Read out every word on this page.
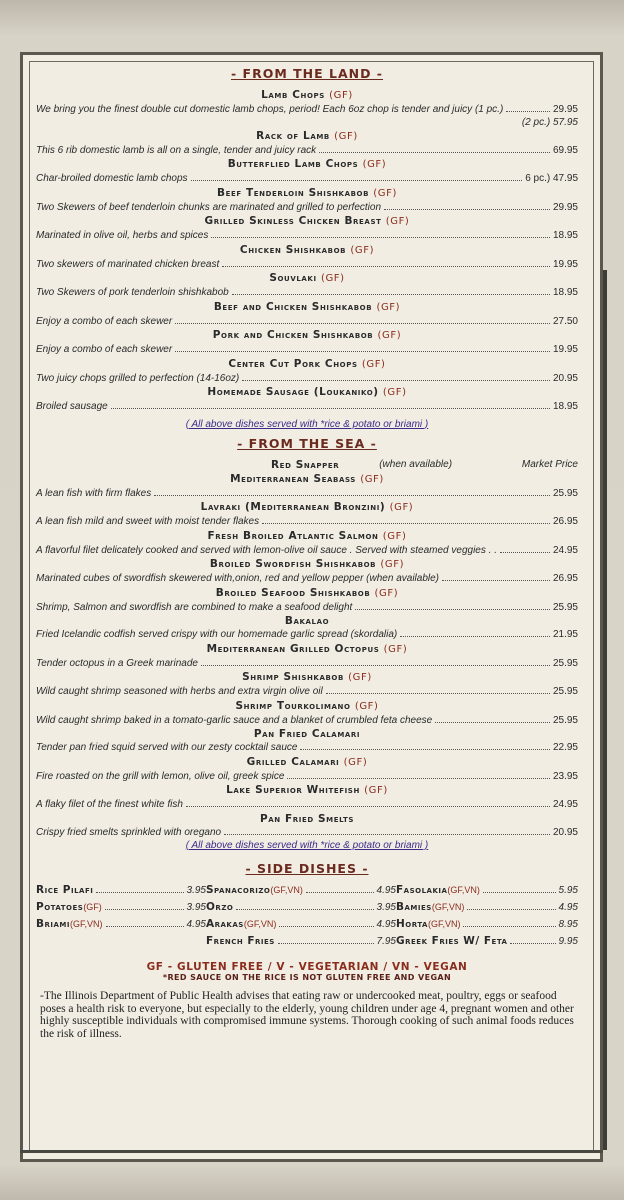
- FROM THE LAND -
Lamb Chops (GF)
We bring you the finest double cut domestic lamb chops, period! Each 6oz chop is tender and juicy (1 pc.)	29.95
(2 pc.) 57.95
Rack of Lamb (GF)
This 6 rib domestic lamb is all on a single, tender and juicy rack	69.95
Butterflied Lamb Chops (GF)
Char-broiled domestic lamb chops	6 pc.) 47.95
Beef Tenderloin Shishkabob (GF)
Two Skewers of beef tenderloin chunks are marinated and grilled to perfection	29.95
Grilled Skinless Chicken Breast (GF)
Marinated in olive oil, herbs and spices	18.95
Chicken Shishkabob (GF)
Two skewers of marinated chicken breast	19.95
Souvlaki (GF)
Two Skewers of pork tenderloin shishkabob	18.95
Beef and Chicken Shishkabob (GF)
Enjoy a combo of each skewer	27.50
Pork and Chicken Shishkabob (GF)
Enjoy a combo of each skewer	19.95
Center Cut Pork Chops (GF)
Two juicy chops grilled to perfection (14-16oz)	20.95
Homemade Sausage (Loukaniko) (GF)
Broiled sausage	18.95
( All above dishes served with *rice & potato or briami )
- FROM THE SEA -
Red Snapper	(when available)	Market Price
Mediterranean Seabass (GF)
A lean fish with firm flakes	25.95
Lavraki (Mediterranean Bronzini) (GF)
A lean fish mild and sweet with moist tender flakes	26.95
Fresh Broiled Atlantic Salmon (GF)
A flavorful filet delicately cooked and served with lemon-olive oil sauce . Served with steamed veggies . .	24.95
Broiled Swordfish Shishkabob (GF)
Marinated cubes of swordfish skewered with,onion, red and yellow pepper (when available)	26.95
Broiled Seafood Shishkabob (GF)
Shrimp, Salmon and swordfish are combined to make a seafood delight	25.95
Bakalao
Fried Icelandic codfish served crispy with our homemade garlic spread (skordalia)	21.95
Mediterranean Grilled Octopus (GF)
Tender octopus in a Greek marinade	25.95
Shrimp Shishkabob (GF)
Wild caught shrimp seasoned with herbs and extra virgin olive oil	25.95
Shrimp Tourkolimano (GF)
Wild caught shrimp baked in a tomato-garlic sauce and a blanket of crumbled feta cheese	25.95
Pan Fried Calamari
Tender pan fried squid served with our zesty cocktail sauce	22.95
Grilled Calamari (GF)
Fire roasted on the grill with lemon, olive oil, greek spice	23.95
Lake Superior Whitefish (GF)
A flaky filet of the finest white fish	24.95
Pan Fried Smelts
Crispy fried smelts sprinkled with oregano	20.95
( All above dishes served with *rice & potato or briami )
- SIDE DISHES -
Rice Pilafi	3.95 Spanacorizo (GF,VN)	4.95 Fasolakia (GF,VN)	5.95
Potatoes (GF)	3.95 Orzo	3.95 Bamies (GF,VN)	4.95
Briami (GF,VN)	4.95 Arakas (GF,VN)	4.95 Horta (GF,VN)	8.95
French Fries	7.95 Greek Fries W/ Feta	9.95
GF - GLUTEN FREE / V - VEGETARIAN / VN - VEGAN
*RED SAUCE ON THE RICE IS NOT GLUTEN FREE AND VEGAN
-The Illinois Department of Public Health advises that eating raw or undercooked meat, poultry, eggs or seafood poses a health risk to everyone, but especially to the elderly, young children under age 4, pregnant women and other highly susceptible individuals with compromised immune systems. Thorough cooking of such animal foods reduces the risk of illness.
